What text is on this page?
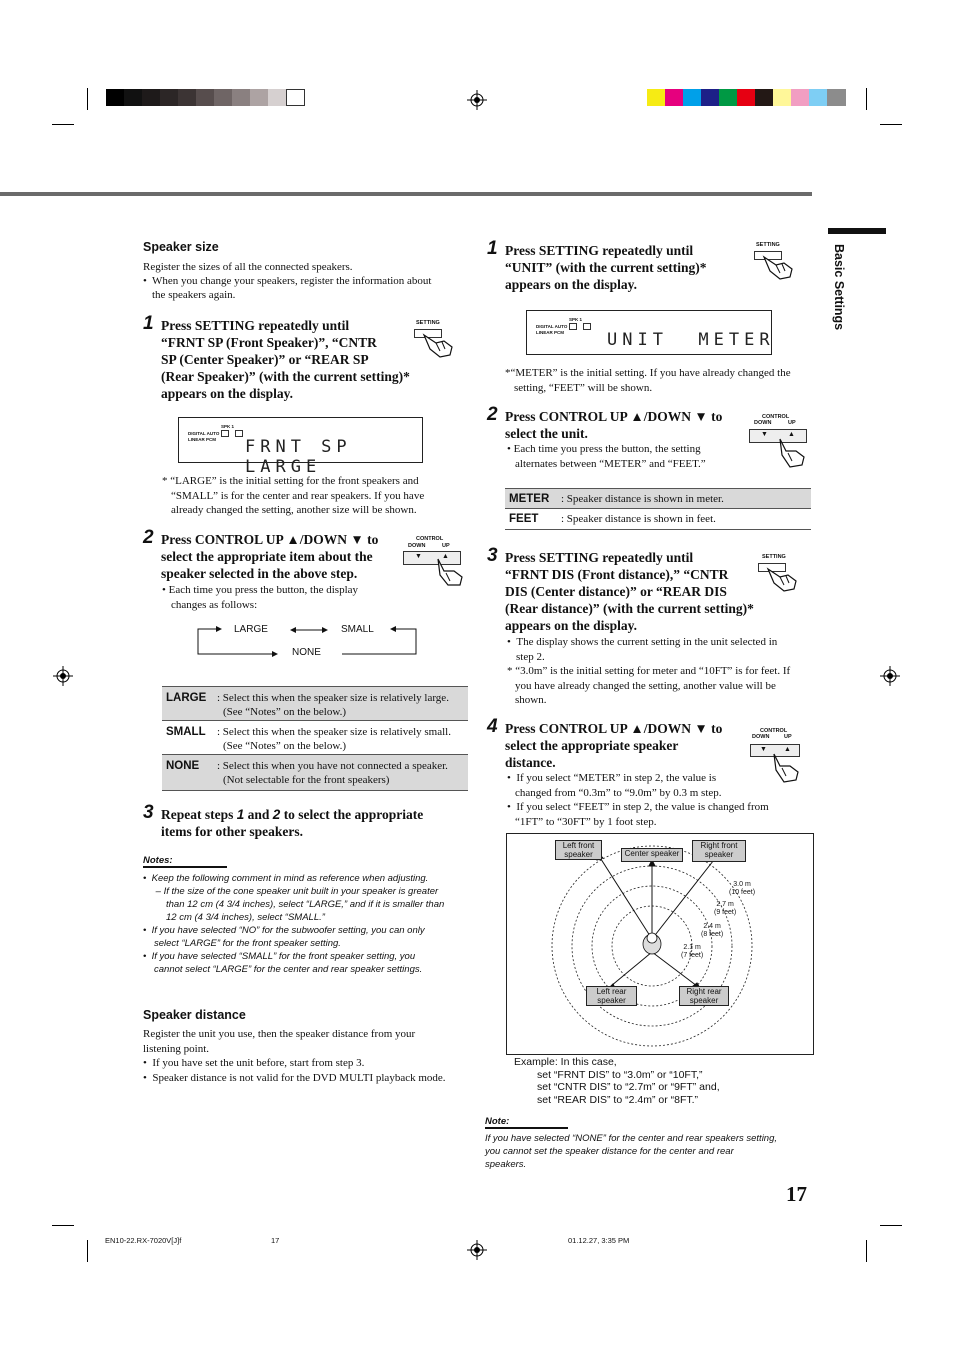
Basic Settings
Speaker size
Register the sizes of all the connected speakers.
• When you change your speakers, register the information about
the speakers again.
1 Press SETTING repeatedly until
“FRNT SP (Front Speaker)”, “CNTR
SP (Center Speaker)” or “REAR SP
(Rear Speaker)” (with the current setting)*
appears on the display.
SETTING
SPK 1
DIGITAL AUTO
LINEAR PCM FRNT SP LARGE
* “LARGE” is the initial setting for the front speakers and
“SMALL” is for the center and rear speakers. If you have
already changed the setting, another size will be shown.
2 Press CONTROL UP ▲/DOWN ▼ to
select the appropriate item about the
speaker selected in the above step.
CONTROL
DOWN	UP
▼	▲
• Each time you press the button, the display
changes as follows:
LARGE	SMALL
NONE
LARGE : Select this when the speaker size is relatively large.
(See “Notes” on the below.)
SMALL : Select this when the speaker size is relatively small.
(See “Notes” on the below.)
NONE : Select this when you have not connected a speaker.
(Not selectable for the front speakers)
3 Repeat steps 1 and 2 to select the appropriate
items for other speakers.
Notes:
•  Keep the following comment in mind as reference when adjusting.
– If the size of the cone speaker unit built in your speaker is greater
than 12 cm (4 3/4 inches), select “LARGE,” and if it is smaller than
12 cm (4 3/4 inches), select “SMALL.”
•  If you have selected “NO” for the subwoofer setting, you can only
select “LARGE” for the front speaker setting.
•  If you have selected “SMALL” for the front speaker setting, you
cannot select “LARGE” for the center and rear speaker settings.
Speaker distance
Register the unit you use, then the speaker distance from your
listening point.
•  If you have set the unit before, start from step 3.
•  Speaker distance is not valid for the DVD MULTI playback mode.
1 Press SETTING repeatedly until
“UNIT” (with the current setting)*
appears on the display.
SETTING
SPK 1
DIGITAL AUTO
LINEAR PCM	UNIT  METER
*“METER” is the initial setting. If you have already changed the
setting, “FEET” will be shown.
2 Press CONTROL UP ▲/DOWN ▼ to
select the unit.
CONTROL
DOWN	UP
▼	▲
• Each time you press the button, the setting
alternates between “METER” and “FEET.”
METER : Speaker distance is shown in meter.
FEET : Speaker distance is shown in feet.
3 Press SETTING repeatedly until
“FRNT DIS (Front distance),” “CNTR
DIS (Center distance)” or “REAR DIS
(Rear distance)” (with the current setting)*
appears on the display.
SETTING
•  The display shows the current setting in the unit selected in
step 2.
* “3.0m” is the initial setting for meter and “10FT” is for feet. If
you have already changed the setting, another value will be
shown.
4 Press CONTROL UP ▲/DOWN ▼ to
select the appropriate speaker
distance.
CONTROL
DOWN	UP
▼ ▲
•  If you select “METER” in step 2, the value is
changed from “0.3m” to “9.0m” by 0.3 m step.
•  If you select “FEET” in step 2, the value is changed from
“1FT” to “30FT” by 1 foot step.
Left front speaker	Center speaker
Right front speaker
Left rear speaker
Right rear speaker
3.0 m
(10 feet)
2.7 m
(9 feet)
2.4 m
(8 feet)
2.1 m
(7 feet)
Example: In this case,
set “FRNT DIS” to “3.0m” or “10FT,”
set “CNTR DIS” to “2.7m” or “9FT” and,
set “REAR DIS” to “2.4m” or “8FT.”
Note:
If you have selected “NONE” for the center and rear speakers setting,
you cannot set the speaker distance for the center and rear
speakers.
17
EN10-22.RX-7020V[J]f	17	01.12.27, 3:35 PM
